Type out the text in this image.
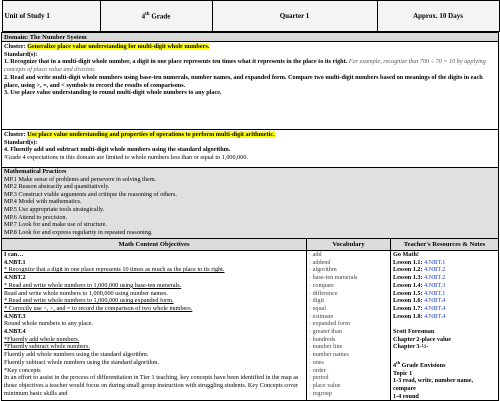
Unit of Study 1	4th Grade	Quarter 1	Approx. 10 Days

Domain: The Number System

Cluster: Generalize place value understanding for multi-digit whole numbers.
Standard(s):
1. Recognize that in a multi-digit whole number, a digit in one place represents ten times what it represents in the place to its right. For example, recognize that 700 ÷ 70 = 10 by applying concepts of place value and division.
2. Read and write multi-digit whole numbers using base-ten numerals, number names, and expanded form. Compare two multi-digit numbers based on meanings of the digits in each place, using >, =, and < symbols to record the results of comparisons.
3. Use place value understanding to round multi-digit whole numbers to any place.

Cluster: Use place value understanding and properties of operations to perform multi-digit arithmetic.
Standard(s):
4. Fluently add and subtract multi-digit whole numbers using the standard algorithm.
²Grade 4 expectations in this domain are limited to whole numbers less than or equal to 1,000,000.

Mathematical Practices
MP.1 Make sense of problems and persevere in solving them.
MP.2 Reason abstractly and quantitatively.
MP.3 Construct viable arguments and critique the reasoning of others.
MP.4 Model with mathematics.
MP.5 Use appropriate tools strategically.
MP.6 Attend to precision.
MP.7 Look for and make use of structure.
MP.8 Look for and express regularity in repeated reasoning.

Math Content Objectives	Vocabulary	Teacher's Resources & Notes

I can…
4.NBT.1
* Recognize that a digit in one place represents 10 times as much as the place to its right.
4.NBT.2
* Read and write whole numbers to 1,000,000 using base-ten numerals.
Read and write whole numbers to 1,000,000 using number names.
* Read and write whole numbers to 1,000,000 using expanded form.
* Correctly use <, >, and = to record the comparison of two whole numbers.
4.NBT.3
Round whole numbers to any place.
4.NBT.4
*Fluently add whole numbers.
*Fluently subtract whole numbers.
Fluently add whole numbers using the standard algorithm.
Fluently subtract whole numbers using the standard algorithm.
*Key concepts
In an effort to assist in the process of differentiation in Tier 1 teaching, key concepts have been identified in the map as those objectives a teacher would focus on during small group instruction with struggling students. Key Concepts cover minimum basic skills and

· add
· addend
· algorithm
· base-ten numerals
· compare
· difference
· digit
· equal
· estimate
· expanded form
· greater than
· hundreds
· number line
· number names
· ones
· order
· period
· place value
· regroup

Go Math!
Lesson 1.1: 4.NBT.1
Lesson 1.2: 4.NBT.2
Lesson 1.3: 4.NBT.2
Lesson 1.4: 4.NBT.3
Lesson 1.5: 4.NBT.1
Lesson 1.6: 4.NBT.4
Lesson 1.7: 4.NBT.4
Lesson 1.8: 4.NBT.4

Scott Foresman
Chapter 2-place value
Chapter 3-½-

4th Grade Envisions
Topic 1
1-3 read, write, number name,
compare
1-4 round
